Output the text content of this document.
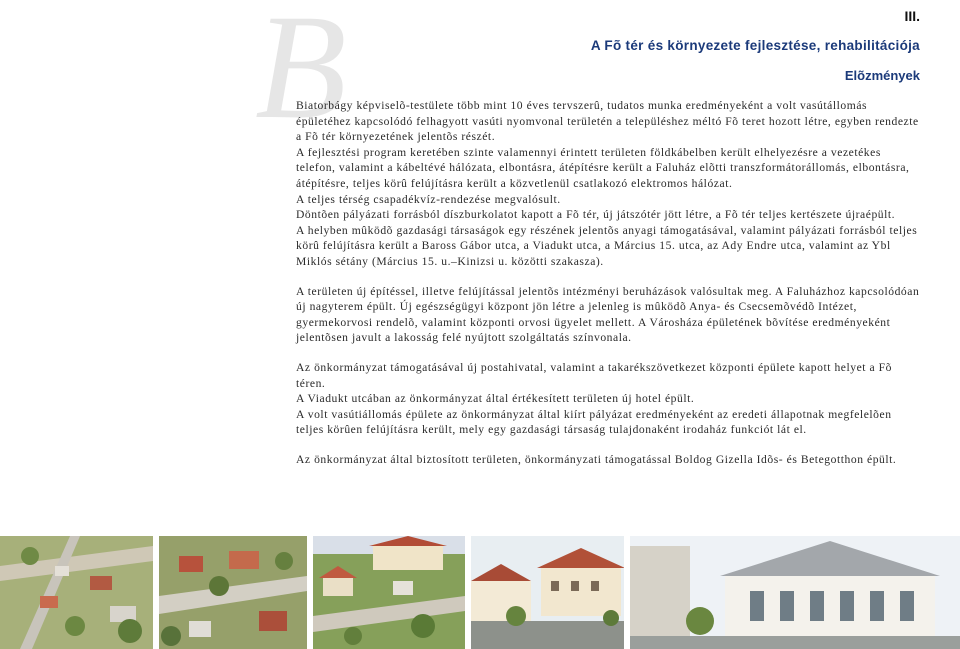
B	III.
A Fõ tér és környezete fejlesztése, rehabilitációja
Elõzmények

Biatorbágy képviselõ-testülete több mint 10 éves tervszerû, tudatos munka eredményeként a volt vasútállomás épületéhez kapcsolódó felhagyott vasúti nyomvonal területén a településhez méltó Fõ teret hozott létre, egyben rendezte a Fõ tér környezetének jelentõs részét.

A fejlesztési program keretében szinte valamennyi érintett területen földkábelben került elhelyezésre a vezetékes telefon, valamint a kábeltévé hálózata, elbontásra, átépítésre került a Faluház elõtti transzformátorállomás, elbontásra, átépítésre, teljes körû felújításra került a közvetlenül csatlakozó elektromos hálózat.

A teljes térség csapadékvíz-rendezése megvalósult.

Döntõen pályázati forrásból díszburkolatot kapott a Fõ tér, új játszótér jött létre, a Fõ tér teljes kertészete újraépült.

A helyben mûködõ gazdasági társaságok egy részének jelentõs anyagi támogatásával, valamint pályázati forrásból teljes körû felújításra került a Baross Gábor utca, a Viadukt utca, a Március 15. utca, az Ady Endre utca, valamint az Ybl Miklós sétány (Március 15. u.–Kinizsi u. közötti szakasza).

A területen új építéssel, illetve felújítással jelentõs intézményi beruházások valósultak meg. A Faluházhoz kapcsolódóan új nagyterem épült. Új egészségügyi központ jön létre a jelenleg is mûködõ Anya- és Csecsemõvédõ Intézet, gyermekorvosi rendelõ, valamint központi orvosi ügyelet mellett. A Városháza épületének bõvítése eredményeként jelentõsen javult a lakosság felé nyújtott szolgáltatás színvonala.

Az önkormányzat támogatásával új postahivatal, valamint a takarékszövetkezet központi épülete kapott helyet a Fõ téren.

A Viadukt utcában az önkormányzat által értékesített területen új hotel épült.

A volt vasútiállomás épülete az önkormányzat által kiírt pályázat eredményeként az eredeti állapotnak megfelelõen teljes körûen felújításra került, mely egy gazdasági társaság tulajdonaként irodaház funkciót lát el.

Az önkormányzat által biztosított területen, önkormányzati támogatással Boldog Gizella Idõs- és Betegotthon épült.
